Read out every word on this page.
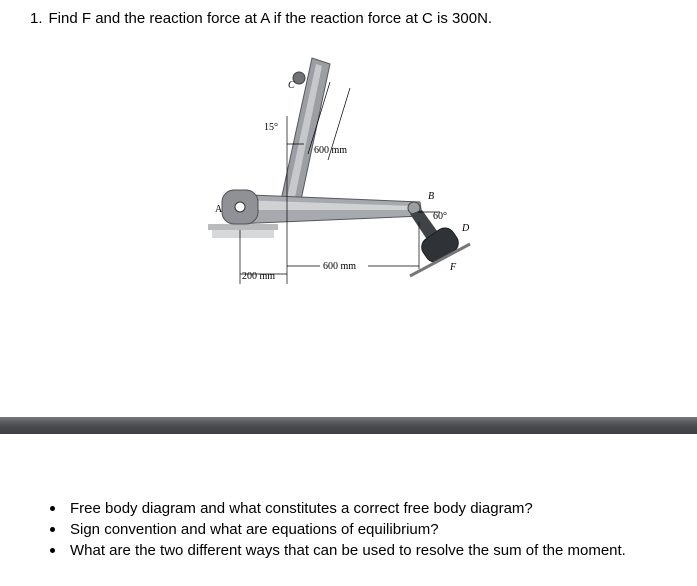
1. Find F and the reaction force at A if the reaction force at C is 300N.
A
C
B
D
F
15°
60°
600 mm
600 mm
200 mm
Free body diagram and what constitutes a correct free body diagram?
Sign convention and what are equations of equilibrium?
What are the two different ways that can be used to resolve the sum of the moment.
